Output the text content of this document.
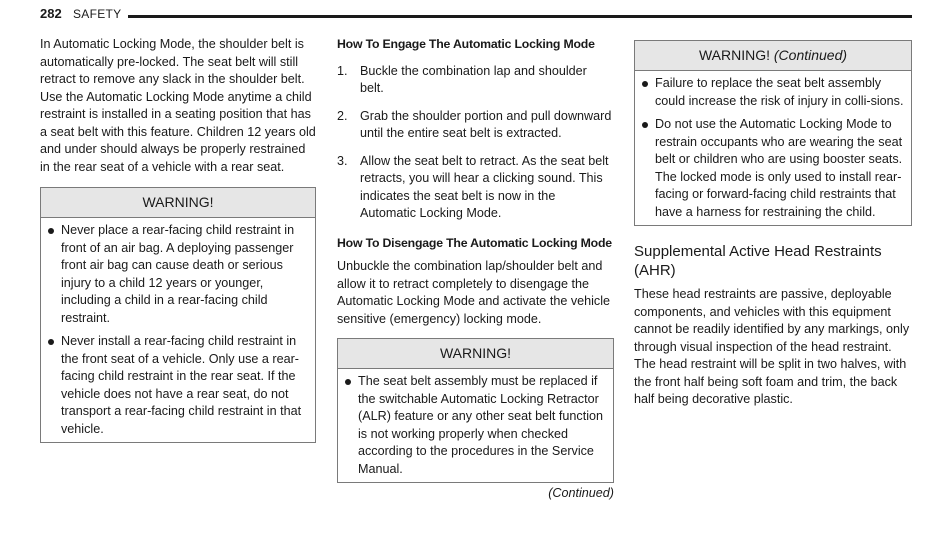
282 SAFETY

In Automatic Locking Mode, the shoulder belt is automatically pre-locked. The seat belt will still retract to remove any slack in the shoulder belt. Use the Automatic Locking Mode anytime a child restraint is installed in a seating position that has a seat belt with this feature. Children 12 years old and under should always be properly restrained in the rear seat of a vehicle with a rear seat.

WARNING!
Never place a rear-facing child restraint in front of an air bag. A deploying passenger front air bag can cause death or serious injury to a child 12 years or younger, including a child in a rear-facing child restraint.
Never install a rear-facing child restraint in the front seat of a vehicle. Only use a rear-facing child restraint in the rear seat. If the vehicle does not have a rear seat, do not transport a rear-facing child restraint in that vehicle.

How To Engage The Automatic Locking Mode

1. Buckle the combination lap and shoulder belt.
2. Grab the shoulder portion and pull downward until the entire seat belt is extracted.
3. Allow the seat belt to retract. As the seat belt retracts, you will hear a clicking sound. This indicates the seat belt is now in the Automatic Locking Mode.

How To Disengage The Automatic Locking Mode

Unbuckle the combination lap/shoulder belt and allow it to retract completely to disengage the Automatic Locking Mode and activate the vehicle sensitive (emergency) locking mode.

WARNING!
The seat belt assembly must be replaced if the switchable Automatic Locking Retractor (ALR) feature or any other seat belt function is not working properly when checked according to the procedures in the Service Manual.
(Continued)
WARNING! (Continued)
Failure to replace the seat belt assembly could increase the risk of injury in colli-sions.
Do not use the Automatic Locking Mode to restrain occupants who are wearing the seat belt or children who are using booster seats. The locked mode is only used to install rear-facing or forward-facing child restraints that have a harness for restraining the child.
Supplemental Active Head Restraints (AHR)

These head restraints are passive, deployable components, and vehicles with this equipment cannot be readily identified by any markings, only through visual inspection of the head restraint. The head restraint will be split in two halves, with the front half being soft foam and trim, the back half being decorative plastic.
